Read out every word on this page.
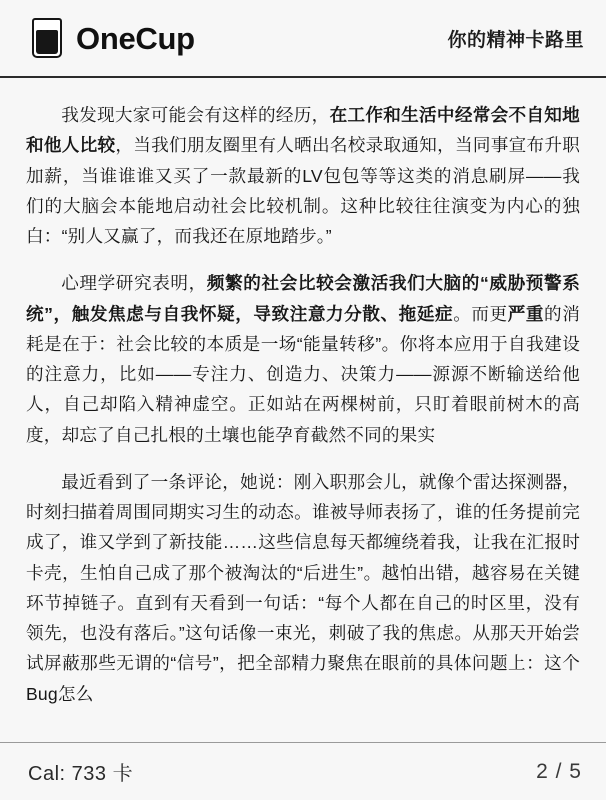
OneCup	你的精神卡路里

我发现大家可能会有这样的经历，在工作和生活中经常会不自知地和他人比较，当我们朋友圈里有人晒出名校录取通知，当同事宣布升职加薪，当谁谁谁又买了一款最新的LV包包等等这类的消息刷屏——我们的大脑会本能地启动社会比较机制。这种比较往往演变为内心的独白：“别人又赢了，而我还在原地踏步。”

心理学研究表明，频繁的社会比较会激活我们大脑的“威胁预警系统”，触发焦虑与自我怀疑，导致注意力分散、拖延症。而更严重的消耗是在于：社会比较的本质是一场“能量转移”。你将本应用于自我建设的注意力，比如——专注力、创造力、决策力——源源不断输送给他人，自己却陷入精神虚空。正如站在两棵树前，只盯着眼前树木的高度，却忘了自己扎根的土壤也能孕育截然不同的果实

最近看到了一条评论，她说：刚入职那会儿，就像个雷达探测器，时刻扫描着周围同期实习生的动态。谁被导师表扬了，谁的任务提前完成了，谁又学到了新技能……这些信息每天都缠绕着我，让我在汇报时卡壳，生怕自己成了那个被淘汰的“后进生”。越怕出错，越容易在关键环节掉链子。直到有天看到一句话：“每个人都在自己的时区里，没有领先，也没有落后。”这句话像一束光，刺破了我的焦虑。从那天开始尝试屏蔽那些无谓的“信号”，把全部精力聚焦在眼前的具体问题上：这个Bug怎么

Cal: 733 卡	2 / 5
